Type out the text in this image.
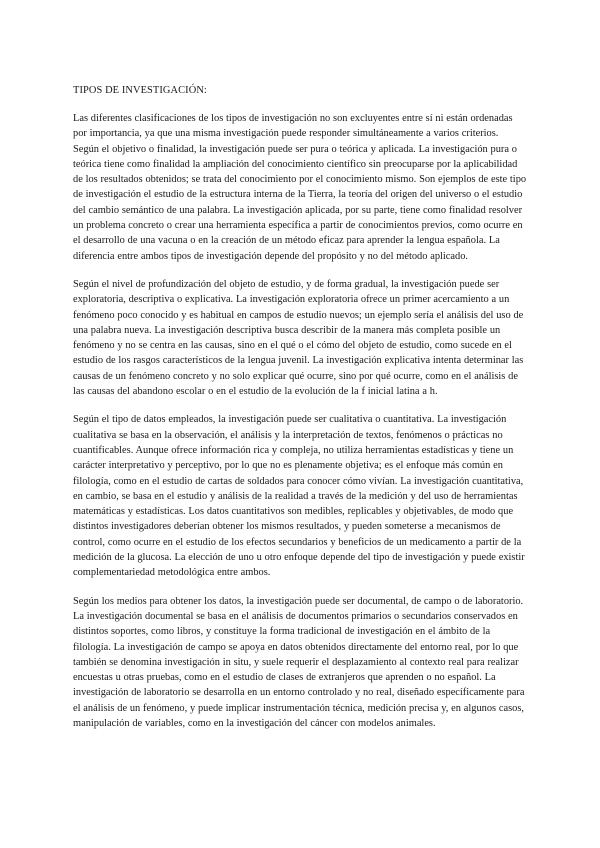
TIPOS DE INVESTIGACIÓN:

Las diferentes clasificaciones de los tipos de investigación no son excluyentes entre sí ni están ordenadas por importancia, ya que una misma investigación puede responder simultáneamente a varios criterios. Según el objetivo o finalidad, la investigación puede ser pura o teórica y aplicada. La investigación pura o teórica tiene como finalidad la ampliación del conocimiento científico sin preocuparse por la aplicabilidad de los resultados obtenidos; se trata del conocimiento por el conocimiento mismo. Son ejemplos de este tipo de investigación el estudio de la estructura interna de la Tierra, la teoría del origen del universo o el estudio del cambio semántico de una palabra. La investigación aplicada, por su parte, tiene como finalidad resolver un problema concreto o crear una herramienta específica a partir de conocimientos previos, como ocurre en el desarrollo de una vacuna o en la creación de un método eficaz para aprender la lengua española. La diferencia entre ambos tipos de investigación depende del propósito y no del método aplicado.

Según el nivel de profundización del objeto de estudio, y de forma gradual, la investigación puede ser exploratoria, descriptiva o explicativa. La investigación exploratoria ofrece un primer acercamiento a un fenómeno poco conocido y es habitual en campos de estudio nuevos; un ejemplo sería el análisis del uso de una palabra nueva. La investigación descriptiva busca describir de la manera más completa posible un fenómeno y no se centra en las causas, sino en el qué o el cómo del objeto de estudio, como sucede en el estudio de los rasgos característicos de la lengua juvenil. La investigación explicativa intenta determinar las causas de un fenómeno concreto y no solo explicar qué ocurre, sino por qué ocurre, como en el análisis de las causas del abandono escolar o en el estudio de la evolución de la f inicial latina a h.

Según el tipo de datos empleados, la investigación puede ser cualitativa o cuantitativa. La investigación cualitativa se basa en la observación, el análisis y la interpretación de textos, fenómenos o prácticas no cuantificables. Aunque ofrece información rica y compleja, no utiliza herramientas estadísticas y tiene un carácter interpretativo y perceptivo, por lo que no es plenamente objetiva; es el enfoque más común en filología, como en el estudio de cartas de soldados para conocer cómo vivían. La investigación cuantitativa, en cambio, se basa en el estudio y análisis de la realidad a través de la medición y del uso de herramientas matemáticas y estadísticas. Los datos cuantitativos son medibles, replicables y objetivables, de modo que distintos investigadores deberían obtener los mismos resultados, y pueden someterse a mecanismos de control, como ocurre en el estudio de los efectos secundarios y beneficios de un medicamento a partir de la medición de la glucosa. La elección de uno u otro enfoque depende del tipo de investigación y puede existir complementariedad metodológica entre ambos.

Según los medios para obtener los datos, la investigación puede ser documental, de campo o de laboratorio. La investigación documental se basa en el análisis de documentos primarios o secundarios conservados en distintos soportes, como libros, y constituye la forma tradicional de investigación en el ámbito de la filología. La investigación de campo se apoya en datos obtenidos directamente del entorno real, por lo que también se denomina investigación in situ, y suele requerir el desplazamiento al contexto real para realizar encuestas u otras pruebas, como en el estudio de clases de extranjeros que aprenden o no español. La investigación de laboratorio se desarrolla en un entorno controlado y no real, diseñado específicamente para el análisis de un fenómeno, y puede implicar instrumentación técnica, medición precisa y, en algunos casos, manipulación de variables, como en la investigación del cáncer con modelos animales.
